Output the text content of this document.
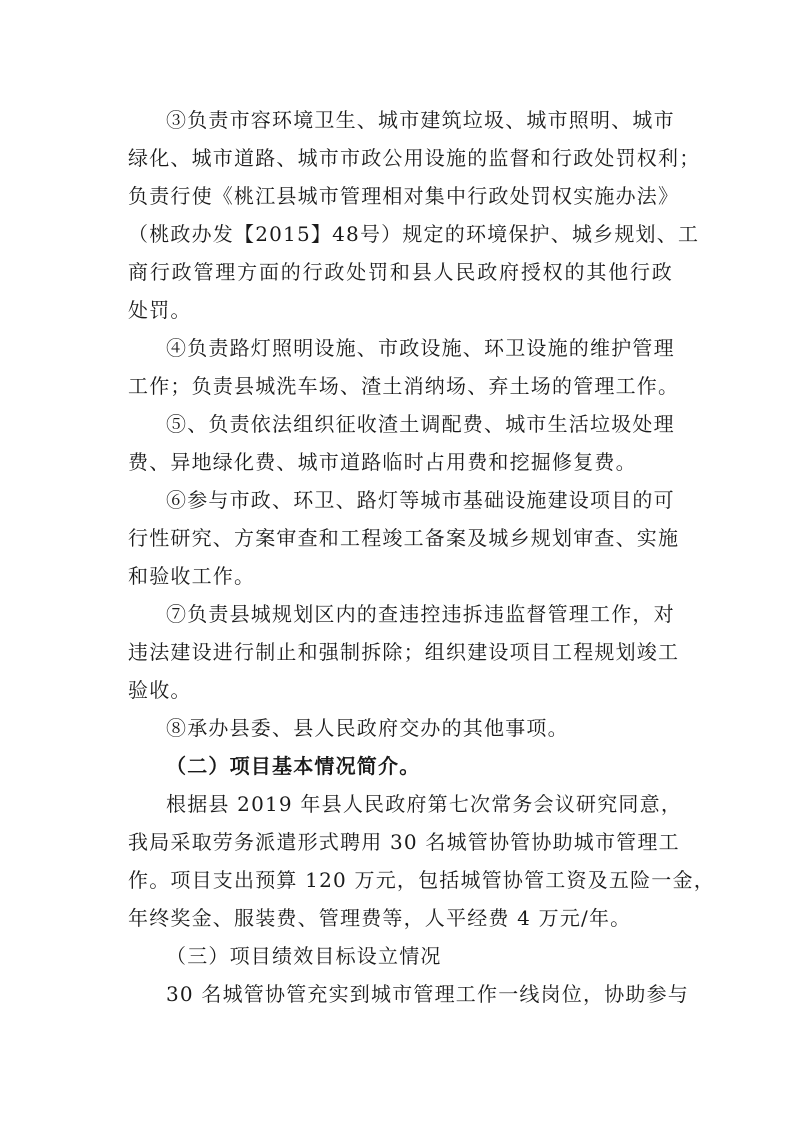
③负责市容环境卫生、城市建筑垃圾、城市照明、城市
绿化、城市道路、城市市政公用设施的监督和行政处罚权利；
负责行使《桃江县城市管理相对集中行政处罚权实施办法》
（桃政办发【2015】48号）规定的环境保护、城乡规划、工
商行政管理方面的行政处罚和县人民政府授权的其他行政
处罚。
④负责路灯照明设施、市政设施、环卫设施的维护管理
工作；负责县城洗车场、渣土消纳场、弃土场的管理工作。
⑤、负责依法组织征收渣土调配费、城市生活垃圾处理
费、异地绿化费、城市道路临时占用费和挖掘修复费。
⑥参与市政、环卫、路灯等城市基础设施建设项目的可
行性研究、方案审查和工程竣工备案及城乡规划审查、实施
和验收工作。
⑦负责县城规划区内的查违控违拆违监督管理工作，对
违法建设进行制止和强制拆除；组织建设项目工程规划竣工
验收。
⑧承办县委、县人民政府交办的其他事项。
（二）项目基本情况简介。
根据县 2019 年县人民政府第七次常务会议研究同意，
我局采取劳务派遣形式聘用 30 名城管协管协助城市管理工
作。项目支出预算 120 万元，包括城管协管工资及五险一金，
年终奖金、服装费、管理费等，人平经费 4 万元/年。
（三）项目绩效目标设立情况
30 名城管协管充实到城市管理工作一线岗位，协助参与
